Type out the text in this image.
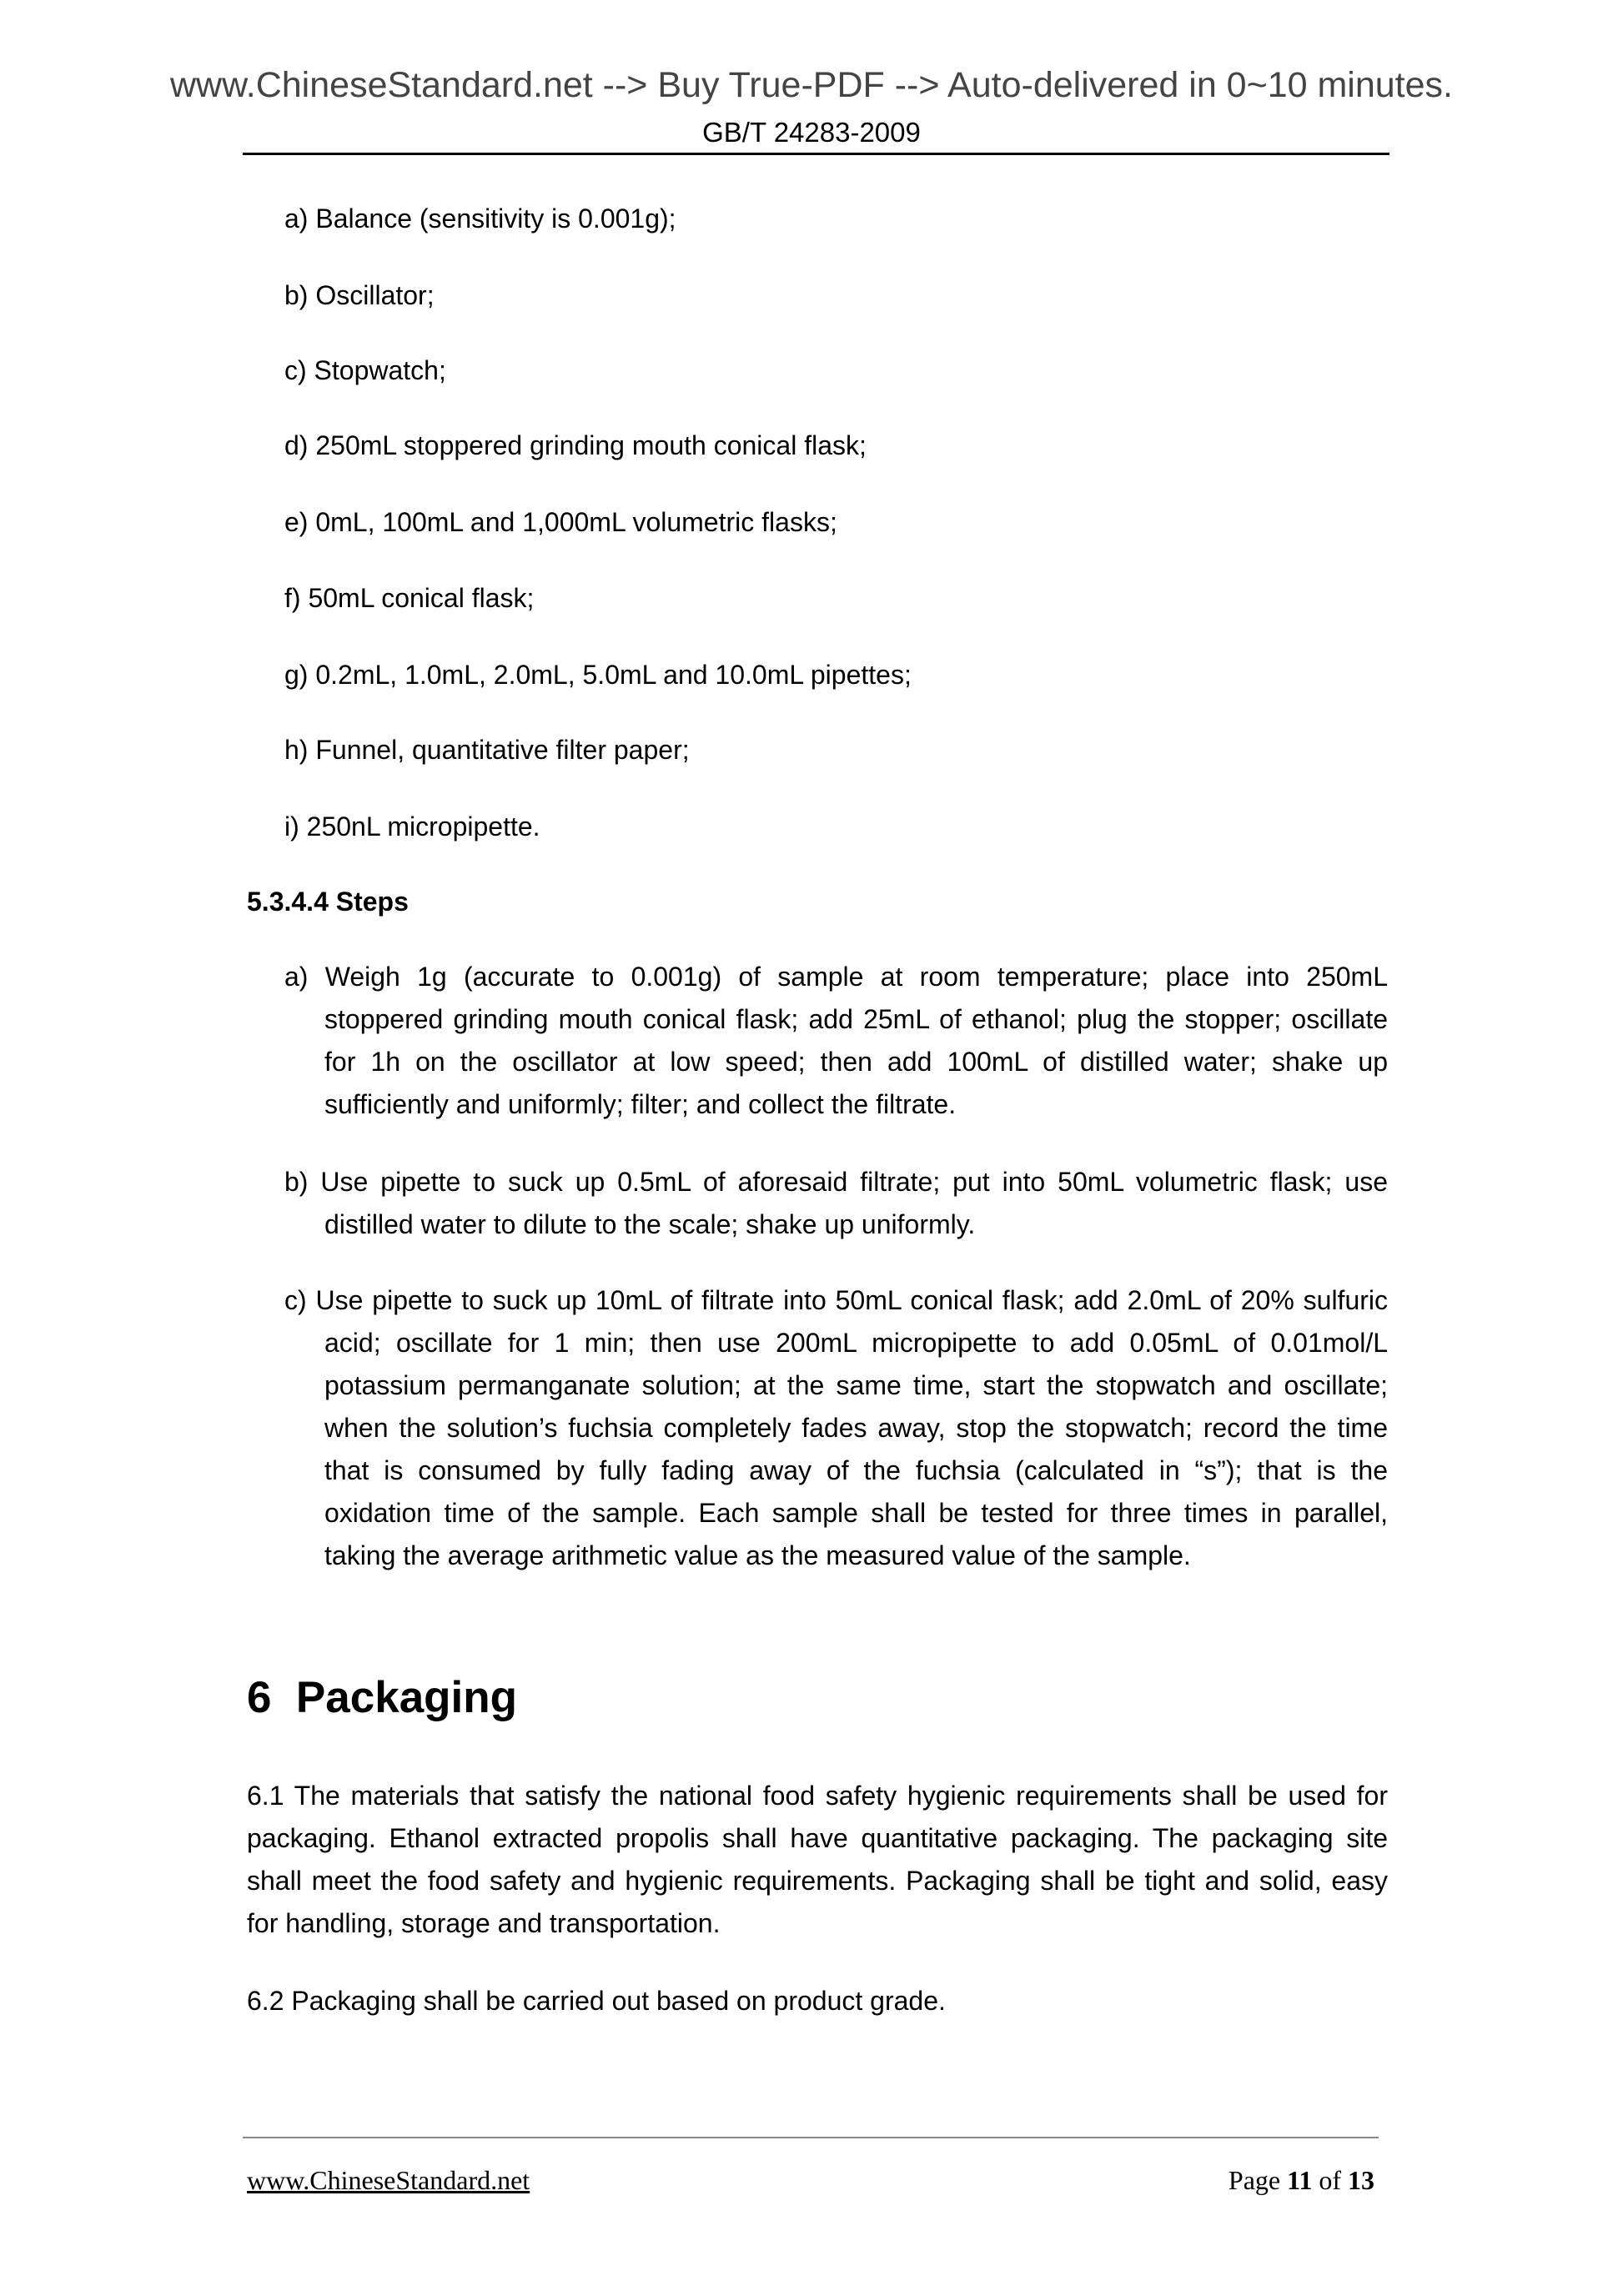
www.ChineseStandard.net --> Buy True-PDF --> Auto-delivered in 0~10 minutes.
GB/T 24283-2009
a) Balance (sensitivity is 0.001g);
b) Oscillator;
c) Stopwatch;
d) 250mL stoppered grinding mouth conical flask;
e) 0mL, 100mL and 1,000mL volumetric flasks;
f) 50mL conical flask;
g) 0.2mL, 1.0mL, 2.0mL, 5.0mL and 10.0mL pipettes;
h) Funnel, quantitative filter paper;
i) 250nL micropipette.
5.3.4.4 Steps
a) Weigh 1g (accurate to 0.001g) of sample at room temperature; place into 250mL stoppered grinding mouth conical flask; add 25mL of ethanol; plug the stopper; oscillate for 1h on the oscillator at low speed; then add 100mL of distilled water; shake up sufficiently and uniformly; filter; and collect the filtrate.
b) Use pipette to suck up 0.5mL of aforesaid filtrate; put into 50mL volumetric flask; use distilled water to dilute to the scale; shake up uniformly.
c) Use pipette to suck up 10mL of filtrate into 50mL conical flask; add 2.0mL of 20% sulfuric acid; oscillate for 1 min; then use 200mL micropipette to add 0.05mL of 0.01mol/L potassium permanganate solution; at the same time, start the stopwatch and oscillate; when the solution’s fuchsia completely fades away, stop the stopwatch; record the time that is consumed by fully fading away of the fuchsia (calculated in “s”); that is the oxidation time of the sample. Each sample shall be tested for three times in parallel, taking the average arithmetic value as the measured value of the sample.
6  Packaging
6.1 The materials that satisfy the national food safety hygienic requirements shall be used for packaging. Ethanol extracted propolis shall have quantitative packaging. The packaging site shall meet the food safety and hygienic requirements. Packaging shall be tight and solid, easy for handling, storage and transportation.
6.2 Packaging shall be carried out based on product grade.
www.ChineseStandard.net	Page 11 of 13
